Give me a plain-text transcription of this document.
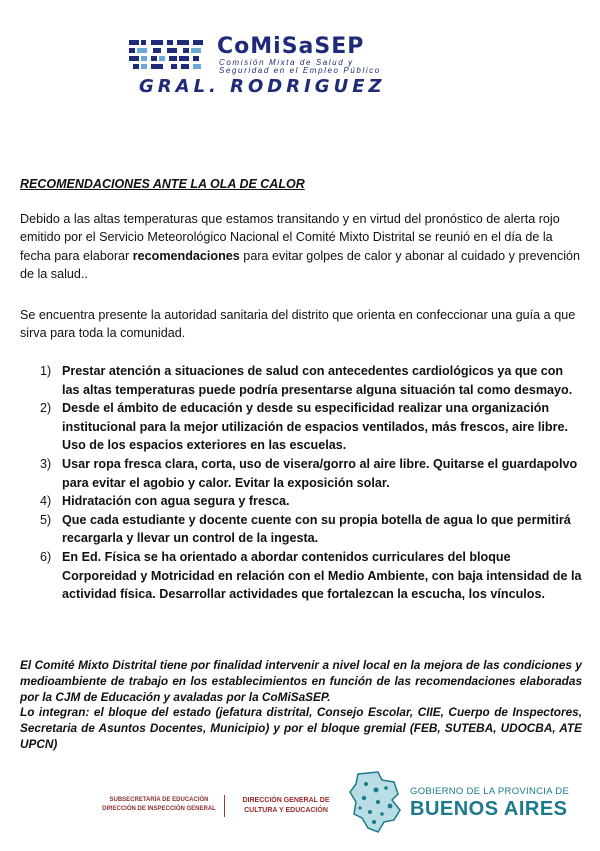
CoMiSaSEP
Comisión Mixta de Salud y
Seguridad en el Empleo Público
GRAL. RODRIGUEZ
RECOMENDACIONES ANTE LA OLA DE CALOR
Debido a las altas temperaturas que estamos transitando y en virtud del pronóstico de alerta rojo emitido por el Servicio Meteorológico Nacional el Comité Mixto Distrital se reunió en el día de la fecha para elaborar recomendaciones para evitar golpes de calor y abonar al cuidado y prevención de la salud..
Se encuentra presente la autoridad sanitaria del distrito que orienta en confeccionar una guía a que sirva para toda la comunidad.
1) Prestar atención a situaciones de salud con antecedentes cardiológicos ya que con las altas temperaturas puede podría presentarse alguna situación tal como desmayo.
2) Desde el ámbito de educación y desde su especificidad realizar una organización institucional para la mejor utilización de espacios ventilados, más frescos, aire libre. Uso de los espacios exteriores en las escuelas.
3) Usar ropa fresca clara, corta, uso de visera/gorro al aire libre. Quitarse el guardapolvo para evitar el agobio y calor. Evitar la exposición solar.
4) Hidratación con agua segura y fresca.
5) Que cada estudiante y docente cuente con su propia botella de agua lo que permitirá recargarla y llevar un control de la ingesta.
6) En Ed. Física se ha orientado a abordar contenidos curriculares del bloque Corporeidad y Motricidad en relación con el Medio Ambiente, con baja intensidad de la actividad física. Desarrollar actividades que fortalezcan la escucha, los vínculos.
El Comité Mixto Distrital tiene por finalidad intervenir a nivel local en la mejora de las condiciones y medioambiente de trabajo en los establecimientos en función de las recomendaciones elaboradas por la CJM de Educación y avaladas por la CoMiSaSEP.
Lo integran: el bloque del estado (jefatura distrital, Consejo Escolar, CIIE, Cuerpo de Inspectores, Secretaria de Asuntos Docentes, Municipio) y por el bloque gremial (FEB, SUTEBA, UDOCBA, ATE UPCN)
SUBSECRETARÍA DE EDUCACIÓN
DIRECCIÓN DE INSPECCIÓN GENERAL
DIRECCIÓN GENERAL DE
CULTURA Y EDUCACIÓN
GOBIERNO DE LA PROVINCIA DE
BUENOS AIRES
